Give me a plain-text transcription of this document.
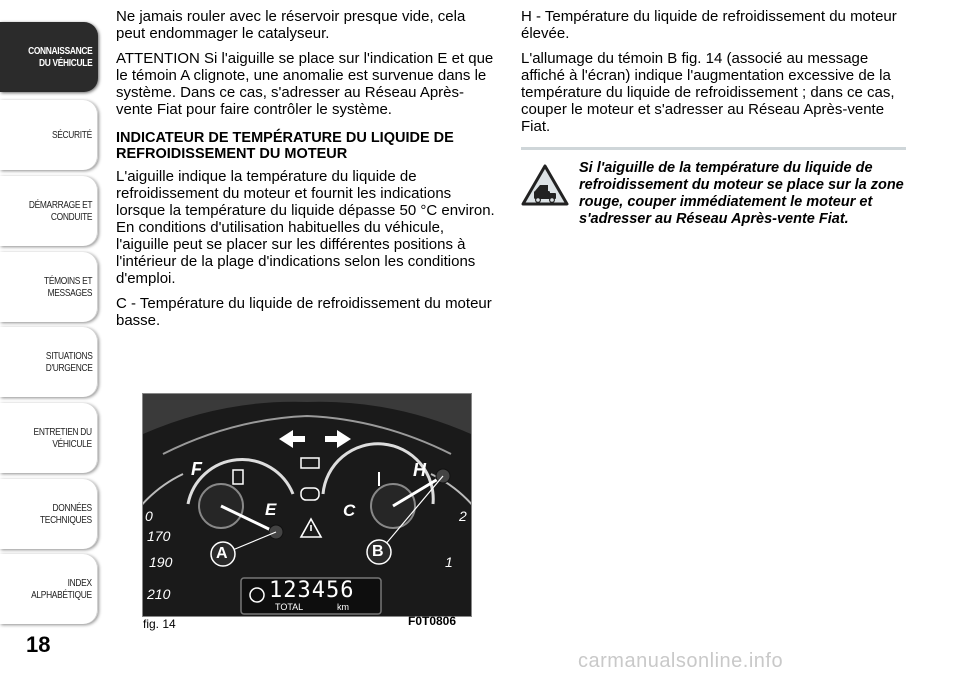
CONNAISSANCE
DU VÉHICULE
SÉCURITÉ
DÉMARRAGE ET
CONDUITE
TÉMOINS ET
MESSAGES
SITUATIONS
D'URGENCE
ENTRETIEN DU
VÉHICULE
DONNÉES
TECHNIQUES
INDEX
ALPHABÉTIQUE
18

Ne jamais rouler avec le réservoir presque vide, cela peut endommager le catalyseur.

ATTENTION Si l'aiguille se place sur l'indication E et que le témoin A clignote, une anomalie est survenue dans le système. Dans ce cas, s'adresser au Réseau Après-vente Fiat pour faire contrôler le système.

INDICATEUR DE TEMPÉRATURE DU LIQUIDE DE REFROIDISSEMENT DU MOTEUR

L'aiguille indique la température du liquide de refroidissement du moteur et fournit les indications lorsque la température du liquide dépasse 50 °C environ. En conditions d'utilisation habituelles du véhicule, l'aiguille peut se placer sur les différentes positions à l'intérieur de la plage d'indications selon les conditions d'emploi.

C - Température du liquide de refroidissement du moteur basse.

H - Température du liquide de refroidissement du moteur élevée.

L'allumage du témoin B fig. 14 (associé au message affiché à l'écran) indique l'augmentation excessive de la température du liquide de refroidissement ; dans ce cas, couper le moteur et s'adresser au Réseau Après-vente Fiat.

Si l'aiguille de la température du liquide de refroidissement du moteur se place sur la zone rouge, couper immédiatement le moteur et s'adresser au Réseau Après-vente Fiat.
F
E
H
C
A	B
0
170
190
210
2
1
123456
TOTAL	km
fig. 14	F0T0806
carmanualsonline.info
